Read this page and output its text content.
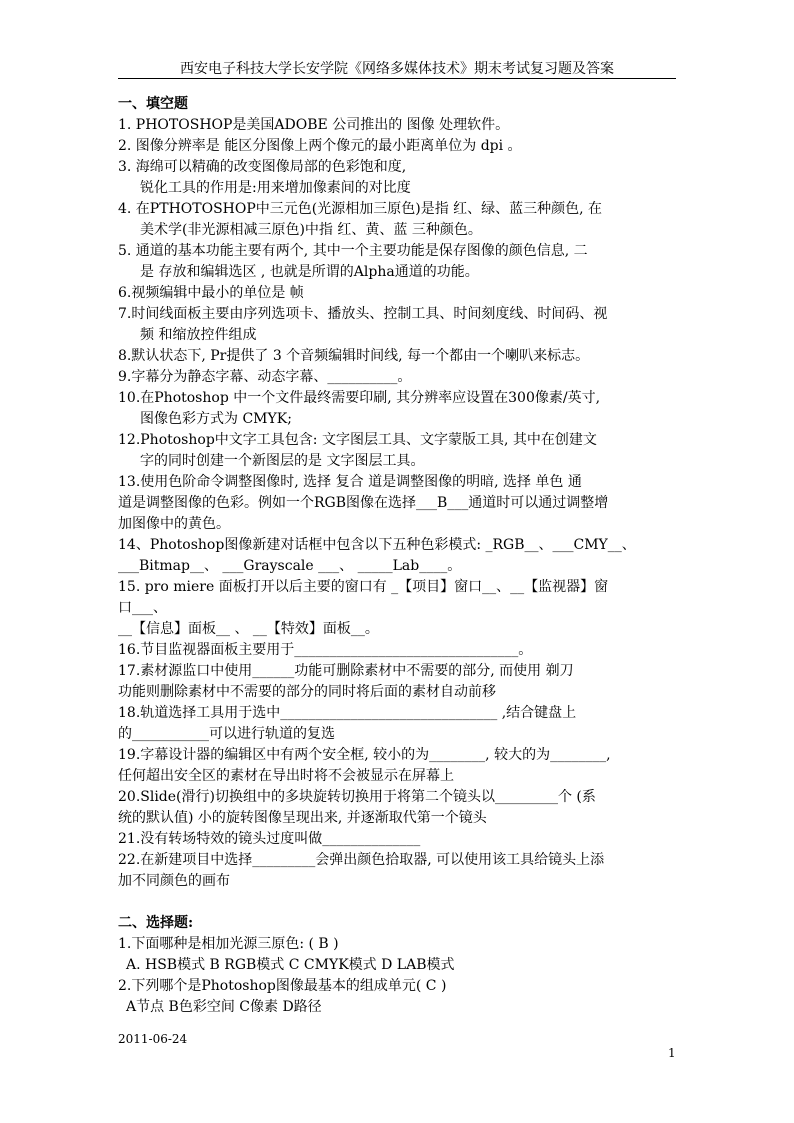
西安电子科技大学长安学院《网络多媒体技术》期末考试复习题及答案
一、填空题
1. PHOTOSHOP是美国ADOBE 公司推出的 图像 处理软件。
2. 图像分辨率是 能区分图像上两个像元的最小距离单位为 dpi 。
3. 海绵可以精确的改变图像局部的色彩饱和度,
锐化工具的作用是:用来增加像素间的对比度
4. 在PTHOTOSHOP中三元色(光源相加三原色)是指 红、绿、蓝三种颜色, 在
美术学(非光源相减三原色)中指 红、黄、蓝 三种颜色。
5. 通道的基本功能主要有两个, 其中一个主要功能是保存图像的颜色信息, 二
是 存放和编辑选区 , 也就是所谓的Alpha通道的功能。
6.视频编辑中最小的单位是 帧
7.时间线面板主要由序列选项卡、播放头、控制工具、时间刻度线、时间码、视
频 和缩放控件组成
8.默认状态下, Pr提供了 3 个音频编辑时间线, 每一个都由一个喇叭来标志。
9.字幕分为静态字幕、动态字幕、__________。
10.在Photoshop 中一个文件最终需要印刷, 其分辨率应设置在300像素/英寸,
图像色彩方式为 CMYK;
12.Photoshop中文字工具包含: 文字图层工具、文字蒙版工具, 其中在创建文
字的同时创建一个新图层的是 文字图层工具。
13.使用色阶命令调整图像时, 选择 复合 道是调整图像的明暗, 选择 单色 通
道是调整图像的色彩。例如一个RGB图像在选择___B___通道时可以通过调整增
加图像中的黄色。
14、Photoshop图像新建对话框中包含以下五种色彩模式: _RGB__、___CMY__、
___Bitmap__、 ___Grayscale ___、 _____Lab____。
15. pro miere 面板打开以后主要的窗口有 _【项目】窗口__、__【监视器】窗
口___、
__【信息】面板__ 、 __【特效】面板__。
16.节目监视器面板主要用于________________________________。
17.素材源监口中使用______功能可删除素材中不需要的部分, 而使用 剃刀
功能则删除素材中不需要的部分的同时将后面的素材自动前移
18.轨道选择工具用于选中_______________________________ ,结合键盘上
的___________可以进行轨道的复选
19.字幕设计器的编辑区中有两个安全框, 较小的为________, 较大的为________,
任何超出安全区的素材在导出时将不会被显示在屏幕上
20.Slide(滑行)切换组中的多块旋转切换用于将第二个镜头以_________个 (系
统的默认值) 小的旋转图像呈现出来, 并逐渐取代第一个镜头
21.没有转场特效的镜头过度叫做______________
22.在新建项目中选择_________会弹出颜色拾取器, 可以使用该工具给镜头上添
加不同颜色的画布
二、选择题:
1.下面哪种是相加光源三原色: ( B )
A. HSB模式 B RGB模式 C CMYK模式 D LAB模式
2.下列哪个是Photoshop图像最基本的组成单元( C )
A节点 B色彩空间 C像素 D路径
2011-06-24
1
